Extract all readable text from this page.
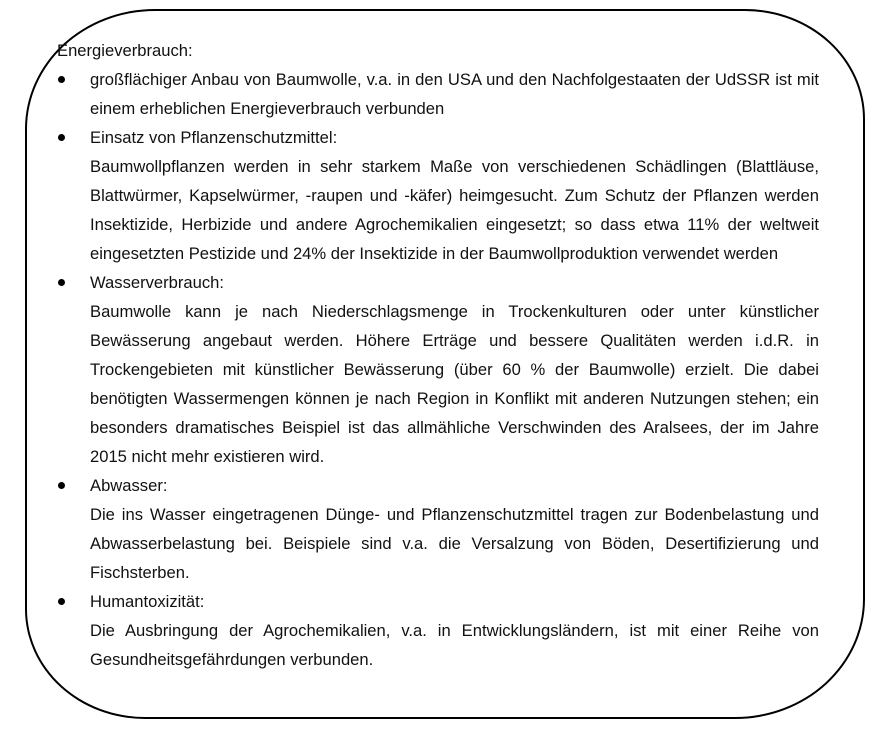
Energieverbrauch:

großflächiger Anbau von Baumwolle, v.a. in den USA und den Nachfolgestaaten der UdSSR ist mit einem erheblichen Energieverbrauch verbunden
Einsatz von Pflanzenschutzmittel:
Baumwollpflanzen werden in sehr starkem Maße von verschiedenen Schädlingen (Blattläuse, Blattwürmer, Kapselwürmer, -raupen und -käfer) heimgesucht. Zum Schutz der Pflanzen werden Insektizide, Herbizide und andere Agrochemikalien eingesetzt; so dass etwa 11% der weltweit eingesetzten Pestizide und 24% der Insektizide in der Baumwollproduktion verwendet werden
Wasserverbrauch:
Baumwolle kann je nach Niederschlagsmenge in Trockenkulturen oder unter künstlicher Bewässerung angebaut werden. Höhere Erträge und bessere Qualitäten werden i.d.R. in Trockengebieten mit künstlicher Bewässerung (über 60 % der Baumwolle) erzielt. Die dabei benötigten Wassermengen können je nach Region in Konflikt mit anderen Nutzungen stehen; ein besonders dramatisches Beispiel ist das allmähliche Verschwinden des Aralsees, der im Jahre 2015 nicht mehr existieren wird.
Abwasser:
Die ins Wasser eingetragenen Dünge- und Pflanzenschutzmittel tragen zur Bodenbelastung und Abwasserbelastung bei. Beispiele sind v.a. die Versalzung von Böden, Desertifizierung und Fischsterben.
Humantoxizität:
Die Ausbringung der Agrochemikalien, v.a. in Entwicklungsländern, ist mit einer Reihe von Gesundheitsgefährdungen verbunden.
